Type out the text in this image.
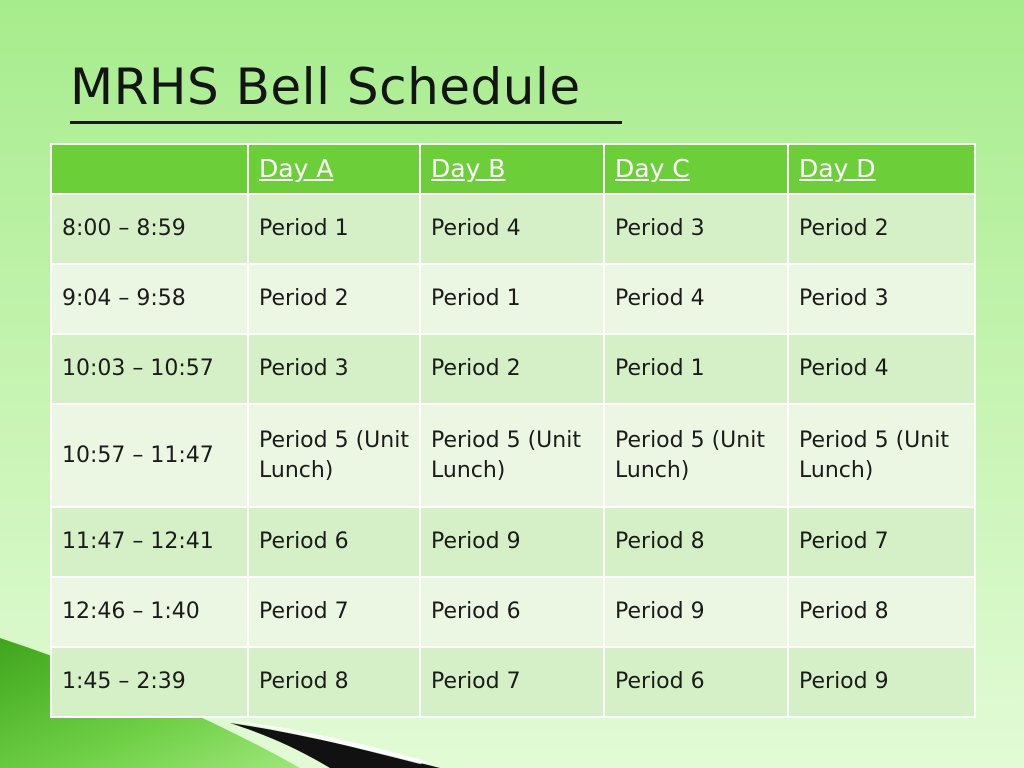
MRHS Bell Schedule
	Day A	Day B	Day C	Day D
8:00 – 8:59	Period 1	Period 4	Period 3	Period 2
9:04 – 9:58	Period 2	Period 1	Period 4	Period 3
10:03 – 10:57	Period 3	Period 2	Period 1	Period 4
10:57 – 11:47	Period 5 (Unit Lunch)	Period 5 (Unit Lunch)	Period 5 (Unit Lunch)	Period 5 (Unit Lunch)
11:47 – 12:41	Period 6	Period 9	Period 8	Period 7
12:46 – 1:40	Period 7	Period 6	Period 9	Period 8
1:45 – 2:39	Period 8	Period 7	Period 6	Period 9
